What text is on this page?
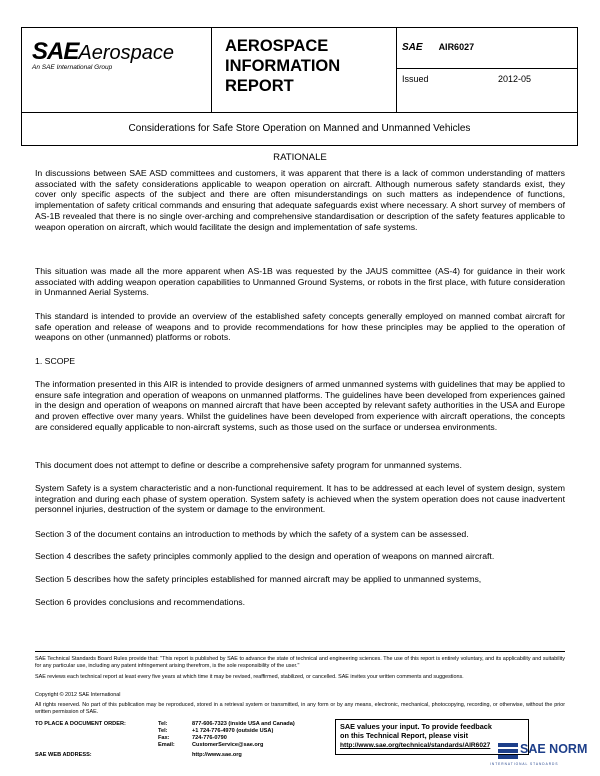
SAEAerospace
An SAE International Group
AEROSPACE
INFORMATION
REPORT
SAE AIR6027
Issued	2012-05
Considerations for Safe Store Operation on Manned and Unmanned Vehicles
RATIONALE
In discussions between SAE ASD committees and customers, it was apparent that there is a lack of common understanding of matters associated with the safety considerations applicable to weapon operation on aircraft. Although numerous safety standards exist, they cover only specific aspects of the subject and there are often misunderstandings on such matters as independence of functions, implementation of safety critical commands and ensuring that adequate safeguards exist where necessary. A short survey of members of AS-1B revealed that there is no single over-arching and comprehensive standardisation or description of the safety features applicable to weapon operation on aircraft, which would facilitate the design and implementation of safe systems.
This situation was made all the more apparent when AS-1B was requested by the JAUS committee (AS-4) for guidance in their work associated with adding weapon operation capabilities to Unmanned Ground Systems, or robots in the first place, with future consideration in Unmanned Aerial Systems.
This standard is intended to provide an overview of the established safety concepts generally employed on manned combat aircraft for safe operation and release of weapons and to provide recommendations for how these principles may be applied to the operation of weapons on other (unmanned) platforms or robots.
1. SCOPE
The information presented in this AIR is intended to provide designers of armed unmanned systems with guidelines that may be applied to ensure safe integration and operation of weapons on unmanned platforms. The guidelines have been developed from experiences gained in the design and operation of weapons on manned aircraft that have been accepted by relevant safety authorities in the USA and Europe and proven effective over many years. Whilst the guidelines have been developed from experience with aircraft operations, the concepts are considered equally applicable to non-aircraft systems, such as those used on the surface or undersea environments.
This document does not attempt to define or describe a comprehensive safety program for unmanned systems.
System Safety is a system characteristic and a non-functional requirement. It has to be addressed at each level of system design, system integration and during each phase of system operation. System safety is achieved when the system operation does not cause inadvertent personnel injuries, destruction of the system or damage to the environment.
Section 3 of the document contains an introduction to methods by which the safety of a system can be assessed.
Section 4 describes the safety principles commonly applied to the design and operation of weapons on manned aircraft.
Section 5 describes how the safety principles established for manned aircraft may be applied to unmanned systems,
Section 6 provides conclusions and recommendations.
SAE Technical Standards Board Rules provide that: "This report is published by SAE to advance the state of technical and engineering sciences. The use of this report is entirely voluntary, and its applicability and suitability for any particular use, including any patent infringement arising therefrom, is the sole responsibility of the user."
SAE reviews each technical report at least every five years at which time it may be revised, reaffirmed, stabilized, or cancelled. SAE invites your written comments and suggestions.
Copyright © 2012 SAE International
All rights reserved. No part of this publication may be reproduced, stored in a retrieval system or transmitted, in any form or by any means, electronic, mechanical, photocopying, recording, or otherwise, without the prior written permission of SAE.
TO PLACE A DOCUMENT ORDER:	Tel:	877-606-7323 (inside USA and Canada)
Tel:	+1 724-776-4970 (outside USA)
Fax:	724-776-0790
Email:	CustomerService@sae.org
SAE WEB ADDRESS:	http://www.sae.org
SAE values your input. To provide feedback
on this Technical Report, please visit
http://www.sae.org/technical/standards/AIR6027	SAE NORM
INTERNATIONAL STANDARDS
